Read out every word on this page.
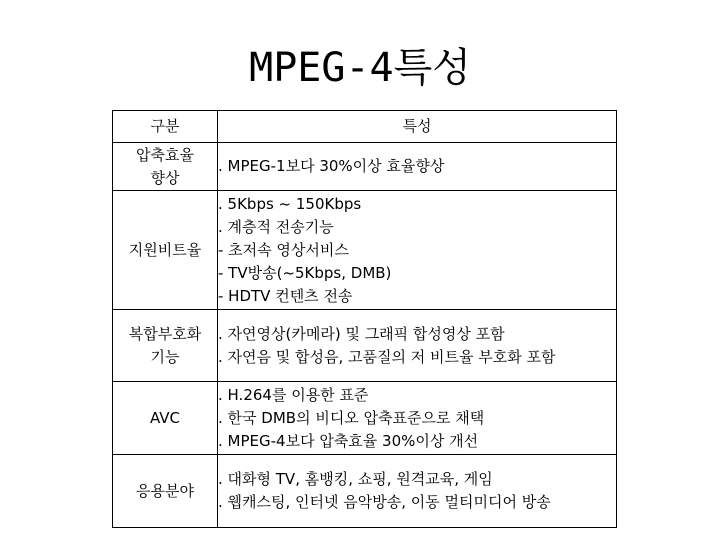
MPEG-4특성
구분	특성

압축효율
향상	. MPEG-1보다 30%이상 효율향상

지원비트율	. 5Kbps ~ 150Kbps
. 계층적 전송기능
- 초저속 영상서비스
- TV방송(~5Kbps, DMB)
- HDTV 컨텐츠 전송

복합부호화
기능	. 자연영상(카메라) 및 그래픽 합성영상 포함
. 자연음 및 합성음, 고품질의 저 비트율 부호화 포함

AVC	. H.264를 이용한 표준
. 한국 DMB의 비디오 압축표준으로 채택
. MPEG-4보다 압축효율 30%이상 개선

응용분야	. 대화형 TV, 홈뱅킹, 쇼핑, 원격교육, 게임
. 웹캐스팅, 인터넷 음악방송, 이동 멀티미디어 방송
